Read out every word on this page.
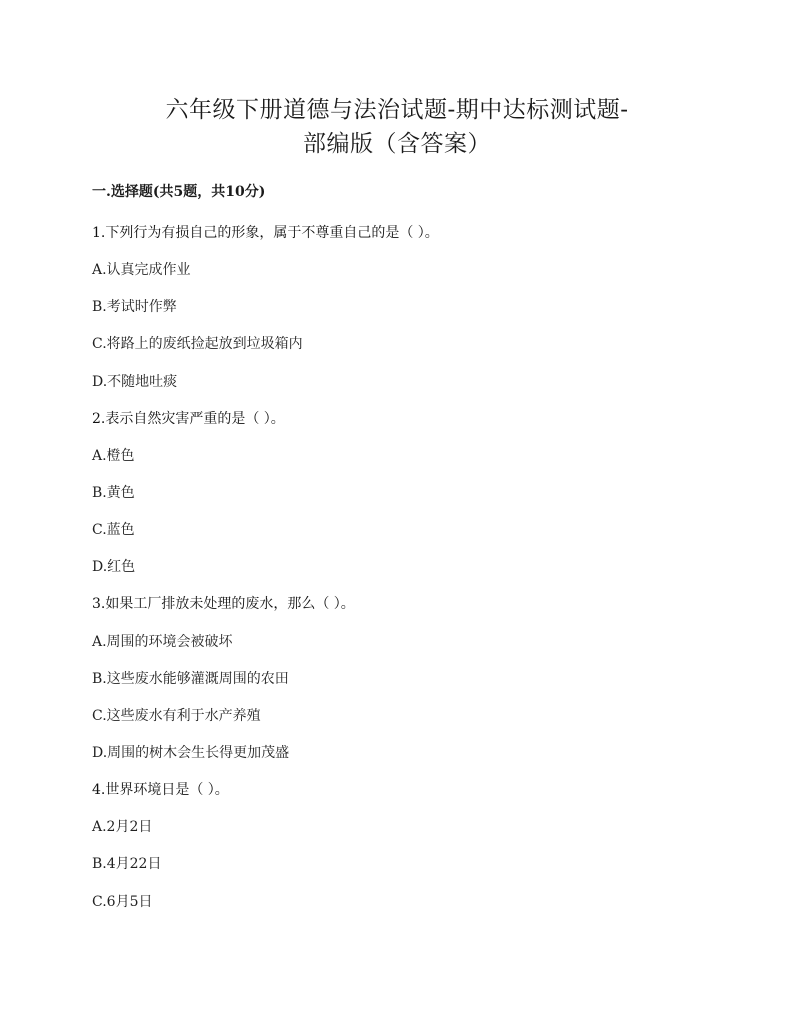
六年级下册道德与法治试题-期中达标测试题-
部编版（含答案）
一.选择题(共5题，共10分)
1.下列行为有损自己的形象，属于不尊重自己的是（ ）。
A.认真完成作业
B.考试时作弊
C.将路上的废纸捡起放到垃圾箱内
D.不随地吐痰
2.表示自然灾害严重的是（ ）。
A.橙色
B.黄色
C.蓝色
D.红色
3.如果工厂排放未处理的废水，那么（ ）。
A.周围的环境会被破坏
B.这些废水能够灌溉周围的农田
C.这些废水有利于水产养殖
D.周围的树木会生长得更加茂盛
4.世界环境日是（ ）。
A.2月2日
B.4月22日
C.6月5日
